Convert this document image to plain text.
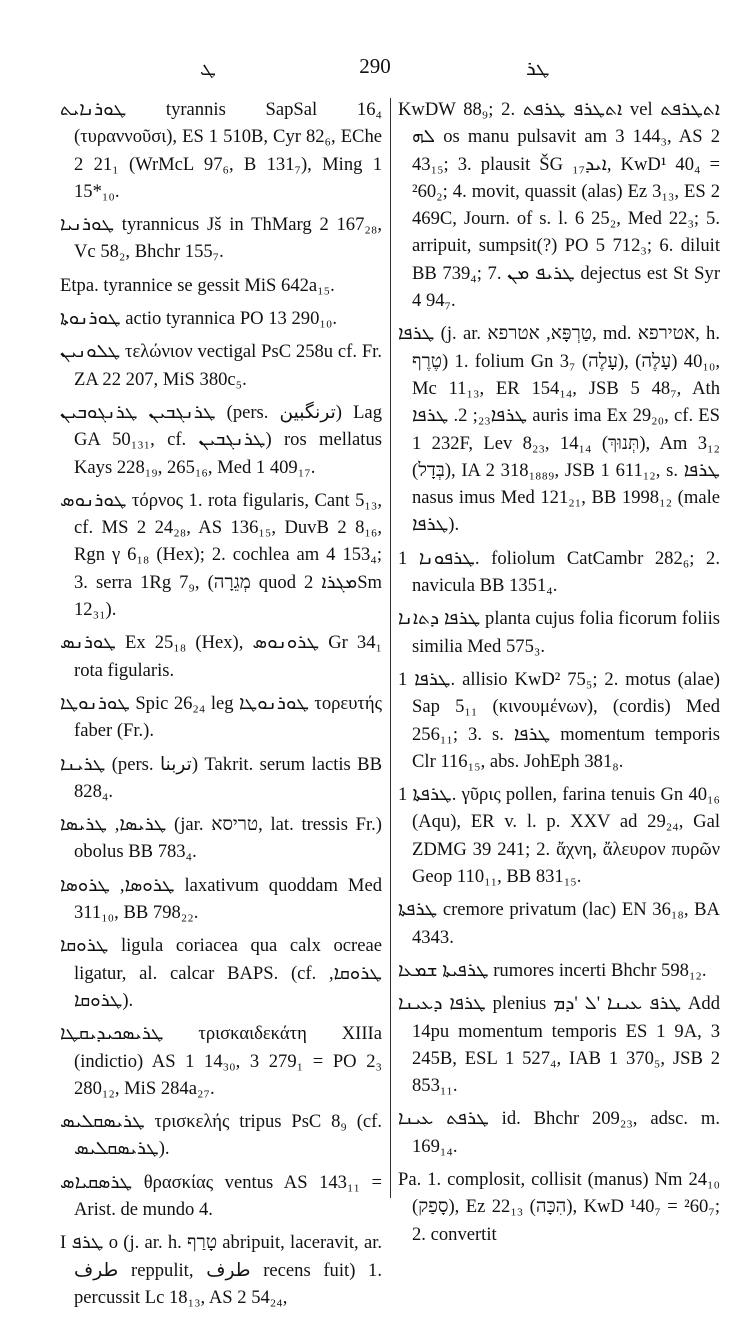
ܛ	290	ܛܪ

ܛܘܪܢܐܝܬ tyrannis SapSal 16₄ (τυραννοῦσι), ES 1 510B, Cyr 82₆, EChe 2 21₁ (WrMcL 97₆, B 131₇), Ming 1 15*₁₀.

ܛܘܪܢܝܐ tyrannicus Jš in ThMarg 2 167₂₈, Vc 58₂, Bhchr 155₇.

Etpa. tyrannice se gessit MiS 642a₁₅.

ܛܘܪܢܘܬܐ actio tyrannica PO 13 290₁₀.

ܛܠܘܢܝܢ τελώνιον vectigal PsC 258u cf. Fr. ZA 22 207, MiS 380c₅.

ܛܪܢܓܒܝܢ ܛܪܢܓܘܒܝܢ (pers. ترنگبین) Lag GA 50₁₃₁, cf. ܛܪܢܓܒܝܢ) ros mellatus Kays 228₁₉, 265₁₆, Med 1 409₁₇.

ܛܘܪܢܘܣ τόρνος 1. rota figularis, Cant 5₁₃, cf. MS 2 24₂₈, AS 136₁₅, DuvB 2 8₁₆, Rgn γ 6₁₈ (Hex); 2. cochlea am 4 153₄; 3. serra 1Rg 7₉, (מְגֵרָה quod ܡܓܪܐ 2Sm 12₃₁).

ܛܘܪܢܣ Ex 25₁₈ (Hex), ܛܪܘܢܘܣ Gr 34₁ rota figularis.

ܛܘܪܢܘܛܐ Spic 26₂₄ leg ܛܘܪܢܘܛܐ τορευτής faber (Fr.).

ܛܪܝܢܐ (pers. تربنا) Takrit. serum lactis BB 828₄.

ܛܪܝܣܐ, ܛܪܝܣܐ (jar. טריסא, lat. tressis Fr.) obolus BB 783₄.

ܛܪܘܣܐ, ܛܪܘܣܐ laxativum quoddam Med 311₁₀, BB 798₂₂.

ܛܪܘܩܐ ligula coriacea qua calx ocreae ligatur, al. calcar BAPS. (cf. ܛܪܘܩܐ, ܛܪܘܩܐ).

ܛܪܝܣܟܝܕܝܩܛܐ τρισκαιδεκάτη XIIIa (indictio) AS 1 14₃₀, 3 279₁ = PO 2₃ 280₁₂, MiS 284a₂₇.

ܛܪܝܣܩܠܝܣ τρισκελής tripus PsC 8₉ (cf. ܛܪܝܣܩܠܝܣ).

ܛܪܣܩܝܐܣ θρασκίας ventus AS 143₁₁ = Arist. de mundo 4.

I ܛܪܦ o (j. ar. h. טָרַף abripuit, laceravit, ar. طرف reppulit, طرف recens fuit) 1. percussit Lc 18₁₃, AS 2 54₂₄,

KwDW 88₉; 2. ܐܬܛܪܦ ܛܪܦܬ vel ܐܬܛܪܦܬ ܠܗ os manu pulsavit am 3 144₃, AS 2 43₁₅; 3. plausit ŠG ܐܝܕ₁₇, KwD¹ 40₄ = ²60₂; 4. movit, quassit (alas) Ez 3₁₃, ES 2 469C, Journ. of s. l. 6 25₂, Med 22₃; 5. arripuit, sumpsit(?) PO 5 712₃; 6. diluit BB 739₄; 7. ܛܪܝܦ ܡܢ dejectus est St Syr 4 94₇.

ܛܪܦܐ (j. ar. טַרְפָּא, אטרפא, md. אטירפא, h. טֶרֶף) 1. folium Gn 3₇ (עָלֶה), 40₁₀ (עָלֶה), Mc 11₁₃, ER 154₁₄, JSB 5 48₇, Ath ܛܪܦܐ₂₃; 2. ܛܪܦܐ auris ima Ex 29₂₀, cf. ES 1 232F, Lev 8₂₃, 14₁₄ (תְּנוּךְ), Am 3₁₂ (בְּדָל), IA 2 318₁₈₈₉, JSB 1 611₁₂, s. ܛܪܦܐ nasus imus Med 121₂₁, BB 1998₁₂ (male ܛܪܦܐ).

ܛܪܦܘܢܐ 1. foliolum CatCambr 282₆; 2. navicula BB 1351₄.

ܛܪܦܐ ܕܬܐܢܐ planta cujus folia ficorum foliis similia Med 575₃.

ܛܪܦܐ 1. allisio KwD² 75₅; 2. motus (alae) Sap 5₁₁ (κινουμένων), (cordis) Med 256₁₁; 3. s. ܛܪܦܐ momentum temporis Clr 116₁₅, abs. JohEph 381₈.

ܛܪܦܬܐ 1. γῦρις pollen, farina tenuis Gn 40₁₆ (Aqu), ER v. l. p. XXV ad 29₂₄, Gal ZDMG 39 241; 2. ἄχνη, ἄλευρον πυρῶν Geop 110₁₁, BB 831₁₅.

ܛܪܦܬܐ cremore privatum (lac) EN 36₁₈, BA 4343.

ܛܪܦܝܬܐ ܫܡܥܐ rumores incerti Bhchr 598₁₂.

ܛܪܦܐ ܕܥܝܢܐ plenius ܛܪܦ ܥܝܢܐ 'ܠ 'ܕܡ Add 14pu momentum temporis ES 1 9A, 3 245B, ESL 1 527₄, IAB 1 370₅, JSB 2 853₁₁.

ܛܪܦܬ ܥܝܢܐ id. Bhchr 209₂₃, adsc. m. 169₁₄.

Pa. 1. complosit, collisit (manus) Nm 24₁₀ (סָפַק), Ez 22₁₃ (הִכָּה), KwD ¹40₇ = ²60₇; 2. convertit
